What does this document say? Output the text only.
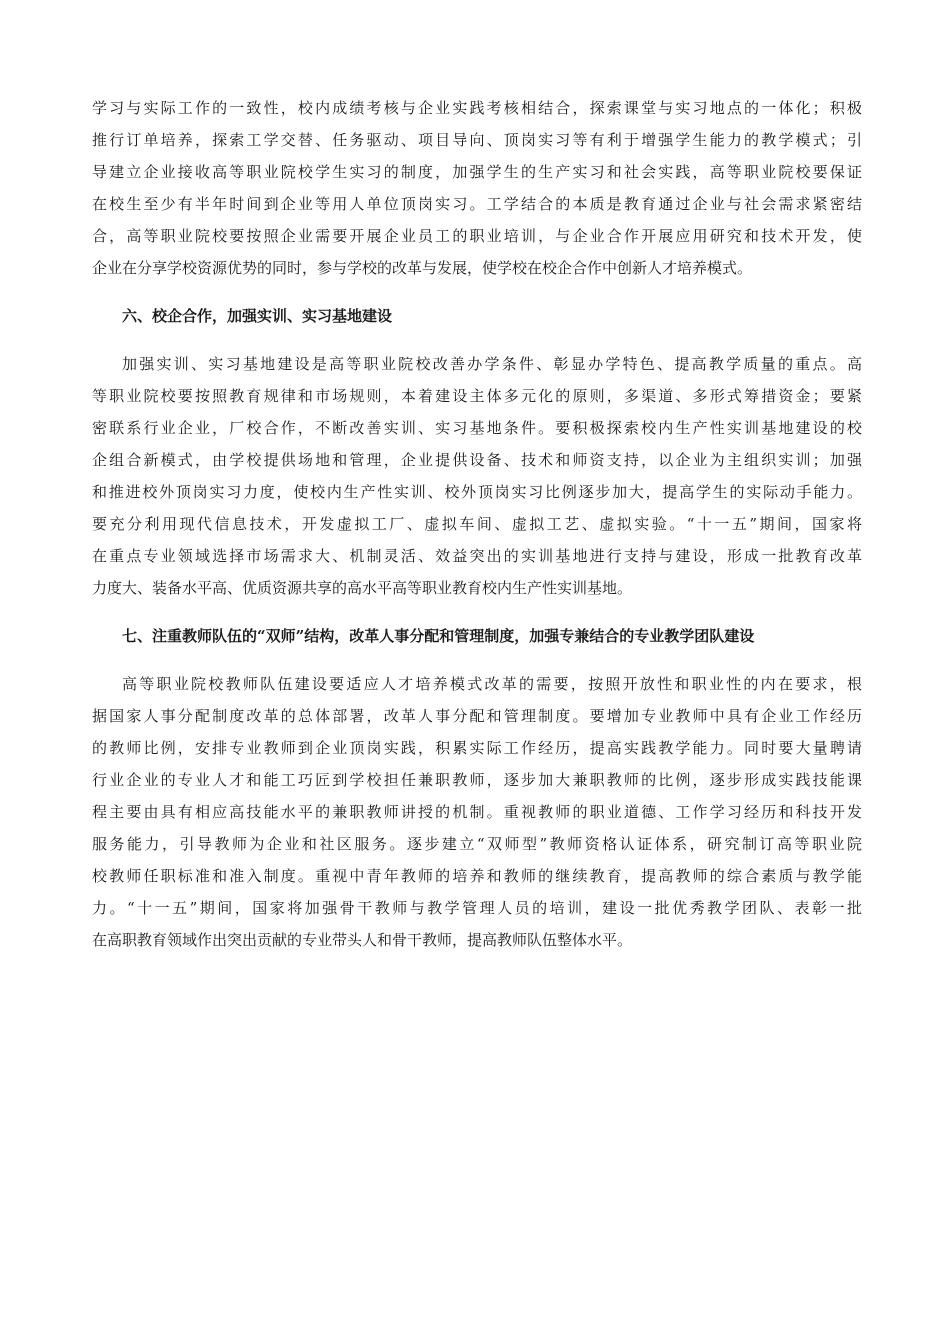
学习与实际工作的一致性，校内成绩考核与企业实践考核相结合，探索课堂与实习地点的一体化；积极
推行订单培养，探索工学交替、任务驱动、项目导向、顶岗实习等有利于增强学生能力的教学模式；引
导建立企业接收高等职业院校学生实习的制度，加强学生的生产实习和社会实践，高等职业院校要保证
在校生至少有半年时间到企业等用人单位顶岗实习。工学结合的本质是教育通过企业与社会需求紧密结
合，高等职业院校要按照企业需要开展企业员工的职业培训，与企业合作开展应用研究和技术开发，使
企业在分享学校资源优势的同时，参与学校的改革与发展，使学校在校企合作中创新人才培养模式。
六、校企合作，加强实训、实习基地建设
加强实训、实习基地建设是高等职业院校改善办学条件、彰显办学特色、提高教学质量的重点。高
等职业院校要按照教育规律和市场规则，本着建设主体多元化的原则，多渠道、多形式筹措资金；要紧
密联系行业企业，厂校合作，不断改善实训、实习基地条件。要积极探索校内生产性实训基地建设的校
企组合新模式，由学校提供场地和管理，企业提供设备、技术和师资支持，以企业为主组织实训；加强
和推进校外顶岗实习力度，使校内生产性实训、校外顶岗实习比例逐步加大，提高学生的实际动手能力。
要充分利用现代信息技术，开发虚拟工厂、虚拟车间、虚拟工艺、虚拟实验。“十一五”期间，国家将
在重点专业领域选择市场需求大、机制灵活、效益突出的实训基地进行支持与建设，形成一批教育改革
力度大、装备水平高、优质资源共享的高水平高等职业教育校内生产性实训基地。
七、注重教师队伍的“双师”结构，改革人事分配和管理制度，加强专兼结合的专业教学团队建设
高等职业院校教师队伍建设要适应人才培养模式改革的需要，按照开放性和职业性的内在要求，根
据国家人事分配制度改革的总体部署，改革人事分配和管理制度。要增加专业教师中具有企业工作经历
的教师比例，安排专业教师到企业顶岗实践，积累实际工作经历，提高实践教学能力。同时要大量聘请
行业企业的专业人才和能工巧匠到学校担任兼职教师，逐步加大兼职教师的比例，逐步形成实践技能课
程主要由具有相应高技能水平的兼职教师讲授的机制。重视教师的职业道德、工作学习经历和科技开发
服务能力，引导教师为企业和社区服务。逐步建立“双师型”教师资格认证体系，研究制订高等职业院
校教师任职标准和准入制度。重视中青年教师的培养和教师的继续教育，提高教师的综合素质与教学能
力。“十一五”期间，国家将加强骨干教师与教学管理人员的培训，建设一批优秀教学团队、表彰一批
在高职教育领域作出突出贡献的专业带头人和骨干教师，提高教师队伍整体水平。
